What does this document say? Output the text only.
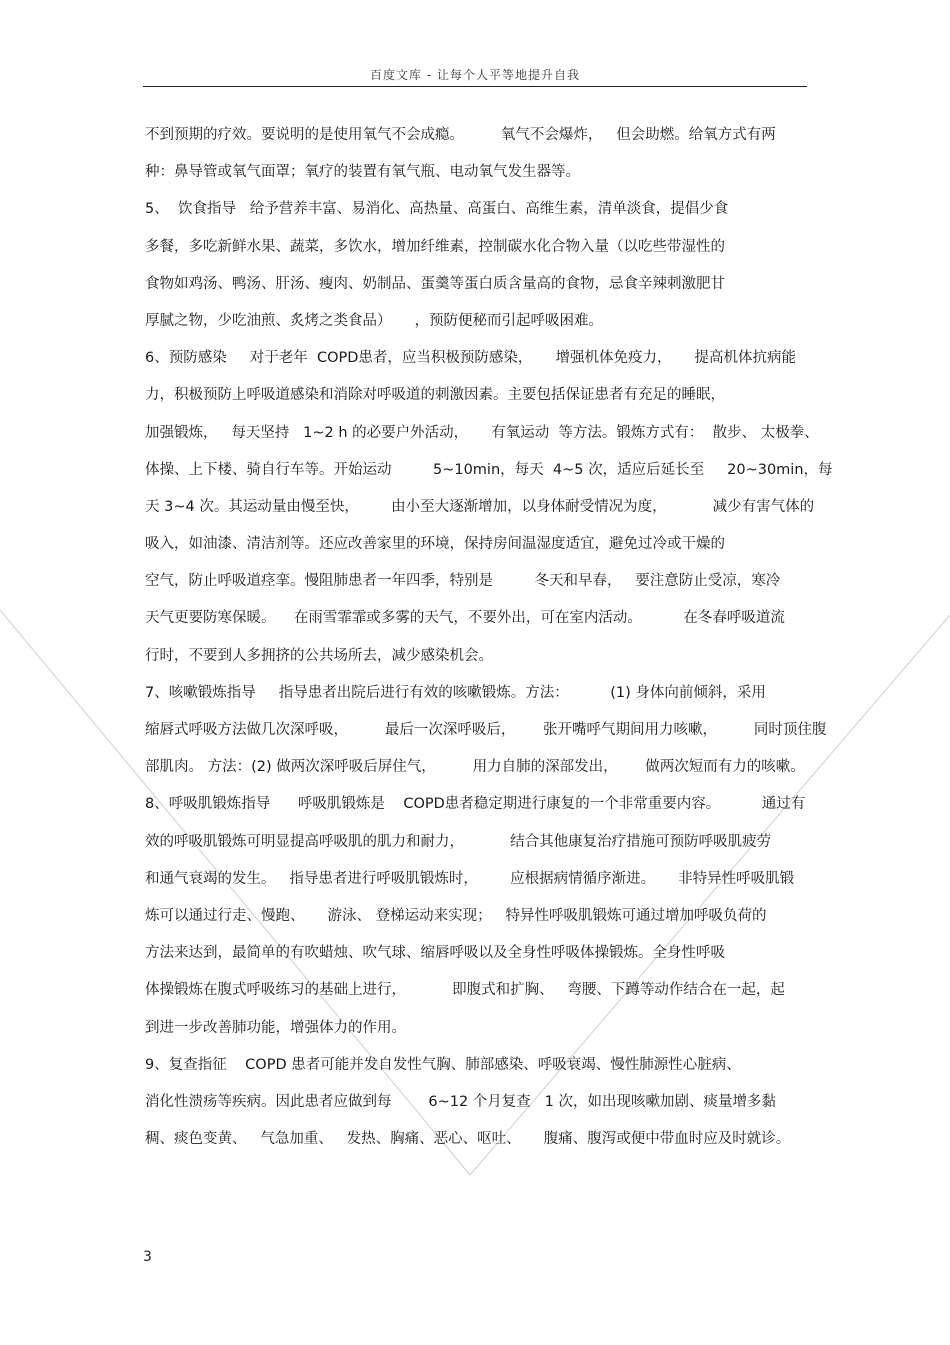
百度文库 - 让每个人平等地提升自我
不到预期的疗效。要说明的是使用氧气不会成瘾。        氧气不会爆炸，   但会助燃。给氧方式有两
种：鼻导管或氧气面罩；氧疗的装置有氧气瓶、电动氧气发生器等。
5、  饮食指导   给予营养丰富、易消化、高热量、高蛋白、高维生素，清单淡食，提倡少食
多餐，多吃新鲜水果、蔬菜，多饮水，增加纤维素，控制碳水化合物入量（以吃些带湿性的
食物如鸡汤、鸭汤、肝汤、瘦肉、奶制品、蛋羹等蛋白质含量高的食物，忌食辛辣刺激肥甘
厚腻之物，少吃油煎、炙烤之类食品）     ，预防便秘而引起呼吸困难。
6、预防感染     对于老年  COPD患者，应当积极预防感染，     增强机体免疫力，     提高机体抗病能
力，积极预防上呼吸道感染和消除对呼吸道的刺激因素。主要包括保证患者有充足的睡眠，
加强锻炼，   每天坚持   1~2 h 的必要户外活动，     有氧运动  等方法。锻炼方式有：  散步、 太极拳、
体操、上下楼、骑自行车等。开始运动         5~10min，每天  4~5 次，适应后延长至     20~30min，每
天 3~4 次。其运动量由慢至快，       由小至大逐渐增加，以身体耐受情况为度，          减少有害气体的
吸入，如油漆、清洁剂等。还应改善家里的环境，保持房间温湿度适宜，避免过冷或干燥的
空气，防止呼吸道痉挛。慢阻肺患者一年四季，特别是         冬天和早春，   要注意防止受凉，寒冷
天气更要防寒保暖。    在雨雪霏霏或多雾的天气，不要外出，可在室内活动。         在冬春呼吸道流
行时，不要到人多拥挤的公共场所去，减少感染机会。
7、咳嗽锻炼指导     指导患者出院后进行有效的咳嗽锻炼。方法：         (1) 身体向前倾斜，采用
缩唇式呼吸方法做几次深呼吸，        最后一次深呼吸后，      张开嘴呼气期间用力咳嗽，        同时顶住腹
部肌肉。 方法：(2) 做两次深呼吸后屏住气，        用力自肺的深部发出，      做两次短而有力的咳嗽。
8、呼吸肌锻炼指导      呼吸肌锻炼是    COPD患者稳定期进行康复的一个非常重要内容。         通过有
效的呼吸肌锻炼可明显提高呼吸肌的肌力和耐力，          结合其他康复治疗措施可预防呼吸肌疲劳
和通气衰竭的发生。   指导患者进行呼吸肌锻炼时，       应根据病情循序渐进。     非特异性呼吸肌锻
炼可以通过行走、慢跑、     游泳、 登梯运动来实现；   特异性呼吸肌锻炼可通过增加呼吸负荷的
方法来达到，最简单的有吹蜡烛、吹气球、缩唇呼吸以及全身性呼吸体操锻炼。全身性呼吸
体操锻炼在腹式呼吸练习的基础上进行，          即腹式和扩胸、   弯腰、下蹲等动作结合在一起，起
到进一步改善肺功能，增强体力的作用。
9、复查指征    COPD 患者可能并发自发性气胸、肺部感染、呼吸衰竭、慢性肺源性心脏病、
消化性溃疡等疾病。因此患者应做到每        6~12 个月复查   1 次，如出现咳嗽加剧、痰量增多黏
稠、痰色变黄、   气急加重、   发热、胸痛、恶心、呕吐、     腹痛、腹泻或便中带血时应及时就诊。
3
